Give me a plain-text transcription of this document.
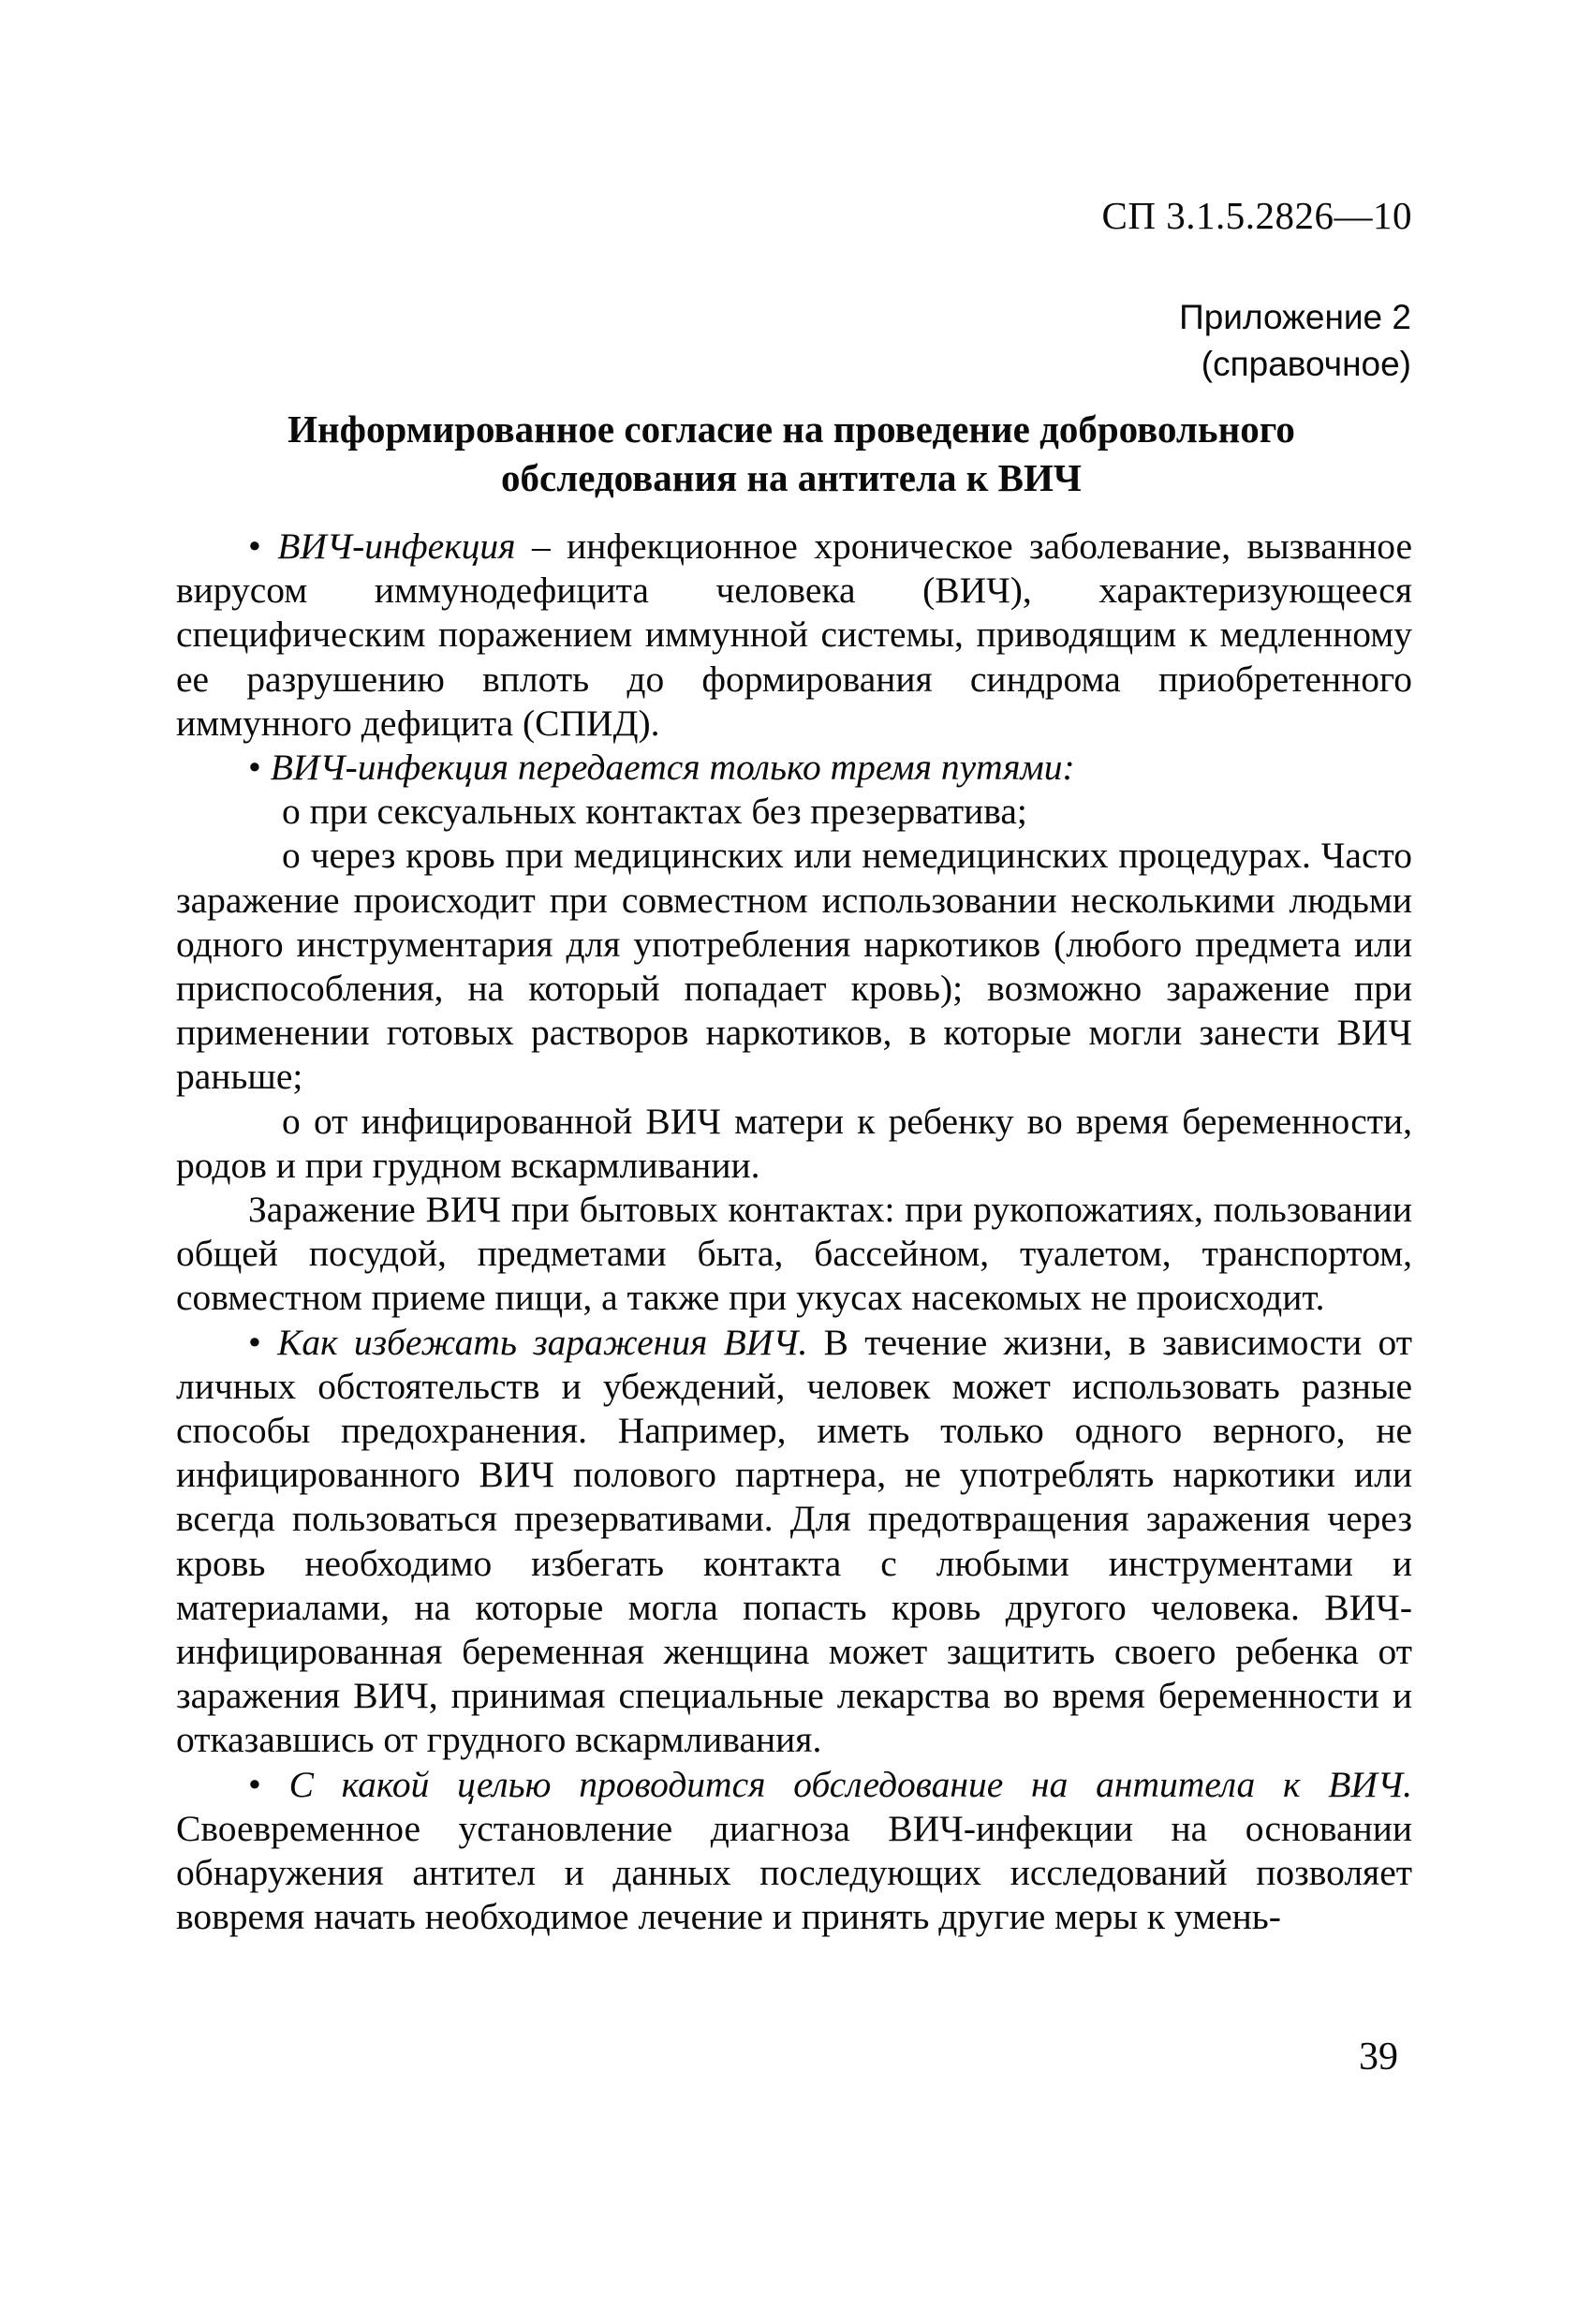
СП 3.1.5.2826—10
Приложение 2
(справочное)
Информированное согласие на проведение добровольного
обследования на антитела к ВИЧ

• ВИЧ-инфекция – инфекционное хроническое заболевание, вызванное вирусом иммунодефицита человека (ВИЧ), характеризующееся специфическим поражением иммунной системы, приводящим к медленному ее разрушению вплоть до формирования синдрома приобретенного иммунного дефицита (СПИД).

• ВИЧ-инфекция передается только тремя путями:

o при сексуальных контактах без презерватива;

o через кровь при медицинских или немедицинских процедурах. Часто заражение происходит при совместном использовании несколькими людьми одного инструментария для употребления наркотиков (любого предмета или приспособления, на который попадает кровь); возможно заражение при применении готовых растворов наркотиков, в которые могли занести ВИЧ раньше;

o от инфицированной ВИЧ матери к ребенку во время беременности, родов и при грудном вскармливании.

Заражение ВИЧ при бытовых контактах: при рукопожатиях, пользовании общей посудой, предметами быта, бассейном, туалетом, транспортом, совместном приеме пищи, а также при укусах насекомых не происходит.

• Как избежать заражения ВИЧ. В течение жизни, в зависимости от личных обстоятельств и убеждений, человек может использовать разные способы предохранения. Например, иметь только одного верного, не инфицированного ВИЧ полового партнера, не употреблять наркотики или всегда пользоваться презервативами. Для предотвращения заражения через кровь необходимо избегать контакта с любыми инструментами и материалами, на которые могла попасть кровь другого человека. ВИЧ-инфицированная беременная женщина может защитить своего ребенка от заражения ВИЧ, принимая специальные лекарства во время беременности и отказавшись от грудного вскармливания.

• С какой целью проводится обследование на антитела к ВИЧ. Своевременное установление диагноза ВИЧ-инфекции на основании обнаружения антител и данных последующих исследований позволяет вовремя начать необходимое лечение и принять другие меры к умень-

39
